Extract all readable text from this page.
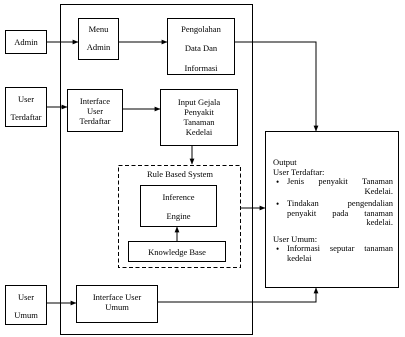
Admin
User
Terdaftar
User
Umum
Menu
Admin
Pengolahan
Data Dan
Informasi
Interface
User
Terdaftar
Input Gejala
Penyakit
Tanaman
Kedelai
Rule Based System
Inference
Engine
Knowledge Base
Interface User
Umum
Output
User Terdaftar:
• Jenis penyakit Tanaman
Kedelai.
• Tindakan pengendalian
penyakit pada tanaman
kedelai.
User Umum:
• Informasi seputar tanaman
kedelai
